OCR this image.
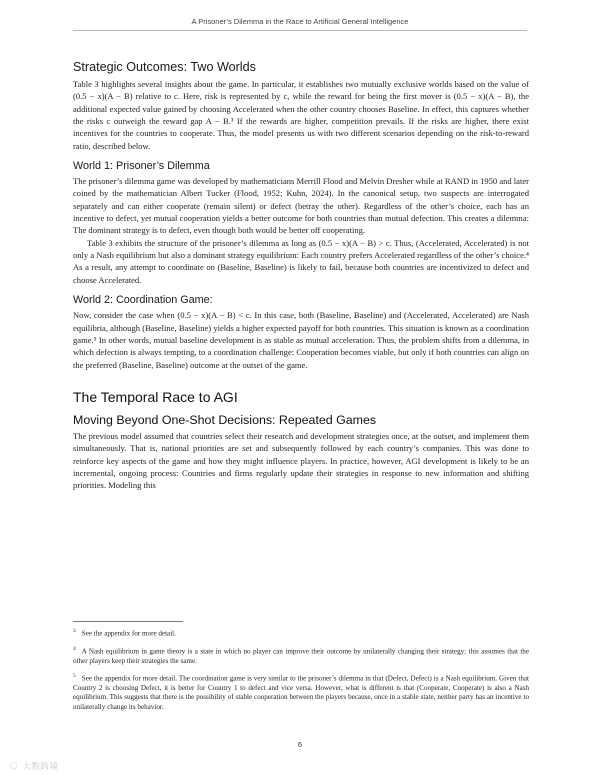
A Prisoner’s Dilemma in the Race to Artificial General Intelligence
Strategic Outcomes: Two Worlds

Table 3 highlights several insights about the game. In particular, it establishes two mutually exclusive worlds based on the value of (0.5 − x)(A − B) relative to c. Here, risk is represented by c, while the reward for being the first mover is (0.5 − x)(A − B), the additional expected value gained by choosing Accelerated when the other country chooses Baseline. In effect, this captures whether the risks c outweigh the reward gap A − B.³ If the rewards are higher, competition prevails. If the risks are higher, there exist incentives for the countries to cooperate. Thus, the model presents us with two different scenarios depending on the risk-to-reward ratio, described below.

World 1: Prisoner’s Dilemma

The prisoner’s dilemma game was developed by mathematicians Merrill Flood and Melvin Dresher while at RAND in 1950 and later coined by the mathematician Albert Tucker (Flood, 1952; Kuhn, 2024). In the canonical setup, two suspects are interrogated separately and can either cooperate (remain silent) or defect (betray the other). Regardless of the other’s choice, each has an incentive to defect, yet mutual cooperation yields a better outcome for both countries than mutual defection. This creates a dilemma: The dominant strategy is to defect, even though both would be better off cooperating.

Table 3 exhibits the structure of the prisoner’s dilemma as long as (0.5 − x)(A − B) > c. Thus, (Accelerated, Accelerated) is not only a Nash equilibrium but also a dominant strategy equilibrium: Each country prefers Accelerated regardless of the other’s choice.⁴ As a result, any attempt to coordinate on (Baseline, Baseline) is likely to fail, because both countries are incentivized to defect and choose Accelerated.

World 2: Coordination Game:

Now, consider the case when (0.5 − x)(A − B) < c. In this case, both (Baseline, Baseline) and (Accelerated, Accelerated) are Nash equilibria, although (Baseline, Baseline) yields a higher expected payoff for both countries. This situation is known as a coordination game.⁵ In other words, mutual baseline development is as stable as mutual acceleration. Thus, the problem shifts from a dilemma, in which defection is always tempting, to a coordination challenge: Cooperation becomes viable, but only if both countries can align on the preferred (Baseline, Baseline) outcome at the outset of the game.

The Temporal Race to AGI
Moving Beyond One-Shot Decisions: Repeated Games

The previous model assumed that countries select their research and development strategies once, at the outset, and implement them simultaneously. That is, national priorities are set and subsequently followed by each country’s companies. This was done to reinforce key aspects of the game and how they might influence players. In practice, however, AGI development is likely to be an incremental, ongoing process: Countries and firms regularly update their strategies in response to new information and shifting priorities. Modeling this

$^3$ See the appendix for more detail.

$^4$ A Nash equilibrium in game theory is a state in which no player can improve their outcome by unilaterally changing their strategy; this assumes that the other players keep their strategies the same.

$^5$ See the appendix for more detail. The coordination game is very similar to the prisoner’s dilemma in that (Defect, Defect) is a Nash equilibrium. Given that Country 2 is choosing Defect, it is better for Country 1 to defect and vice versa. However, what is different is that (Cooperate, Cooperate) is also a Nash equilibrium. This suggests that there is the possibility of stable cooperation between the players because, once in a stable state, neither party has an incentive to unilaterally change its behavior.

6
🗨 大数跨境
